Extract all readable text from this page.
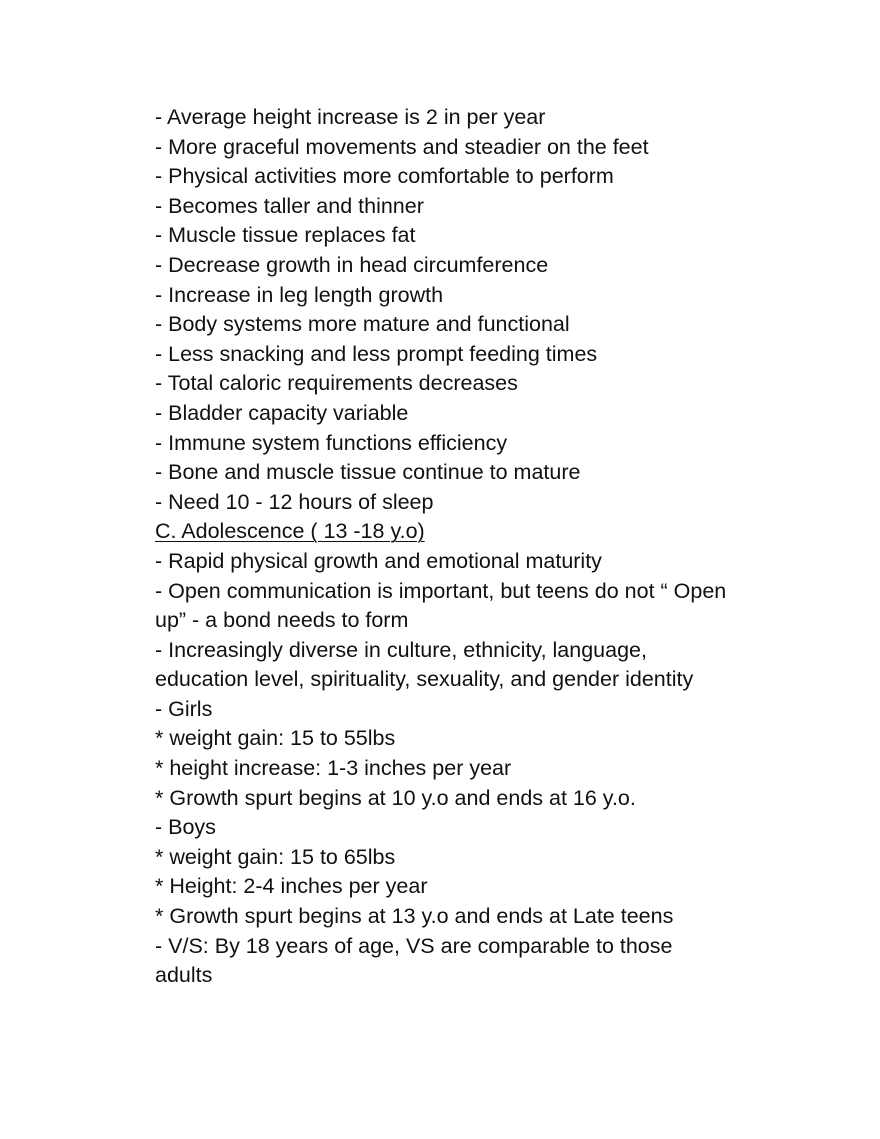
- Average height increase is 2 in per year

- More graceful movements and steadier on the feet

- Physical activities more comfortable to perform

- Becomes taller and thinner

- Muscle tissue replaces fat

- Decrease growth in head circumference

- Increase in leg length growth

- Body systems more mature and functional

- Less snacking and less prompt feeding times

- Total caloric requirements decreases

- Bladder capacity variable

- Immune system functions efficiency

- Bone and muscle tissue continue to mature

- Need 10 - 12 hours of sleep

C. Adolescence ( 13 -18 y.o)

- Rapid physical growth and emotional maturity

- Open communication is important, but teens do not “ Open

up” - a bond needs to form

- Increasingly diverse in culture, ethnicity, language,

education level, spirituality, sexuality, and gender identity

- Girls

* weight gain: 15 to 55lbs

* height increase: 1-3 inches per year

* Growth spurt begins at 10 y.o and ends at 16 y.o.

- Boys

* weight gain: 15 to 65lbs

* Height: 2-4 inches per year

* Growth spurt begins at 13 y.o and ends at Late teens

- V/S: By 18 years of age, VS are comparable to those

adults
